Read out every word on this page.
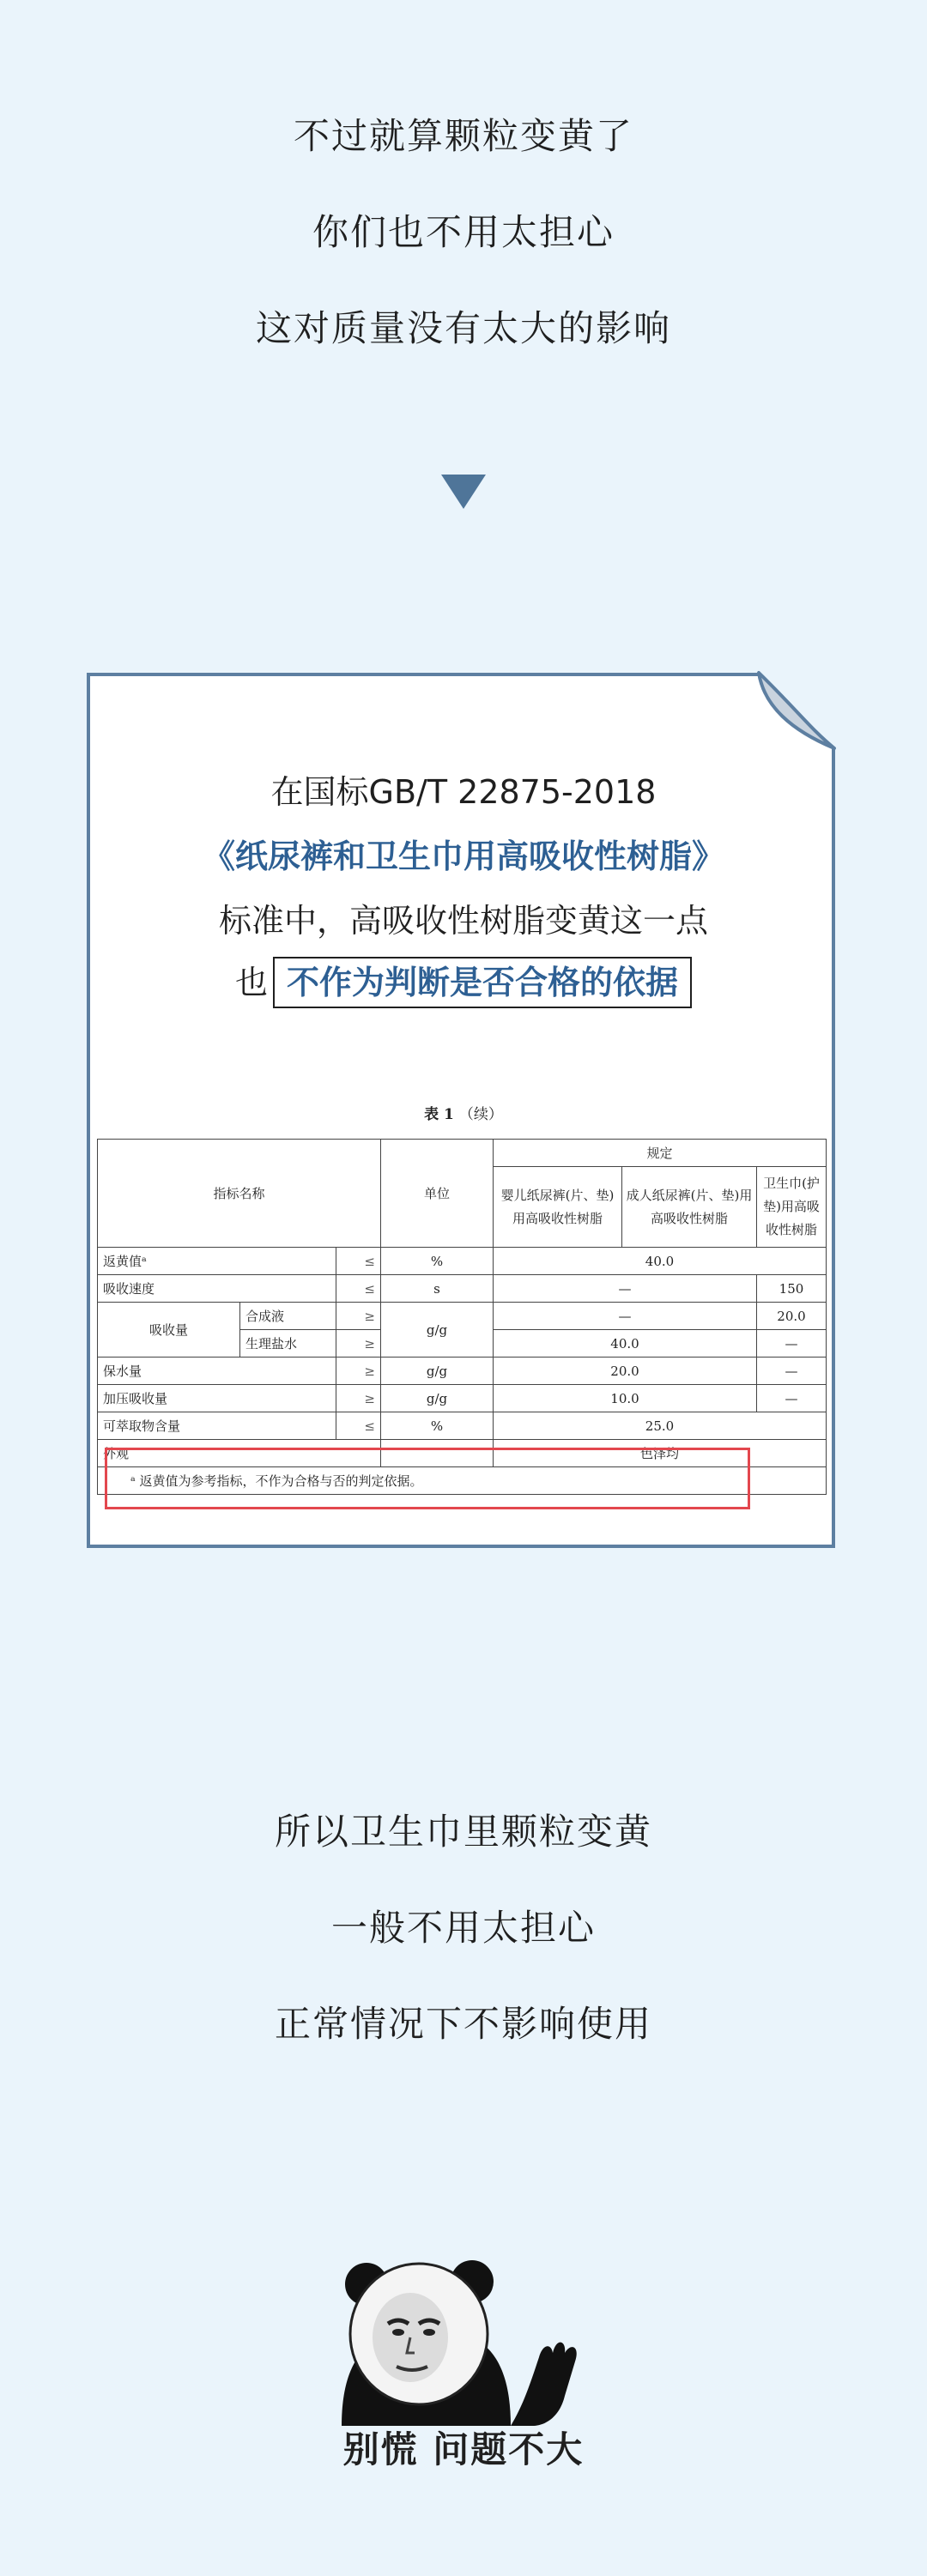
不过就算颗粒变黄了
你们也不用太担心
这对质量没有太大的影响
在国标GB/T 22875-2018
《纸尿裤和卫生巾用高吸收性树脂》
标准中，高吸收性树脂变黄这一点
也 不作为判断是否合格的依据
表 1 （续）
指标名称			单位	规定		
				婴儿纸尿裤(片、垫)用高吸收性树脂	成人纸尿裤(片、垫)用高吸收性树脂	卫生巾(护垫)用高吸收性树脂
返黄值ᵃ		≤	%	40.0		
吸收速度		≤	s	—		150
吸收量	合成液	≥	g/g	—		20.0
	生理盐水	≥		40.0		—
保水量		≥	g/g	20.0		—
加压吸收量		≥	g/g	10.0		—
可萃取物含量		≤	%	25.0		
外观				色泽均		
ᵃ 返黄值为参考指标，不作为合格与否的判定依据。						
所以卫生巾里颗粒变黄
一般不用太担心
正常情况下不影响使用
别慌 问题不大
